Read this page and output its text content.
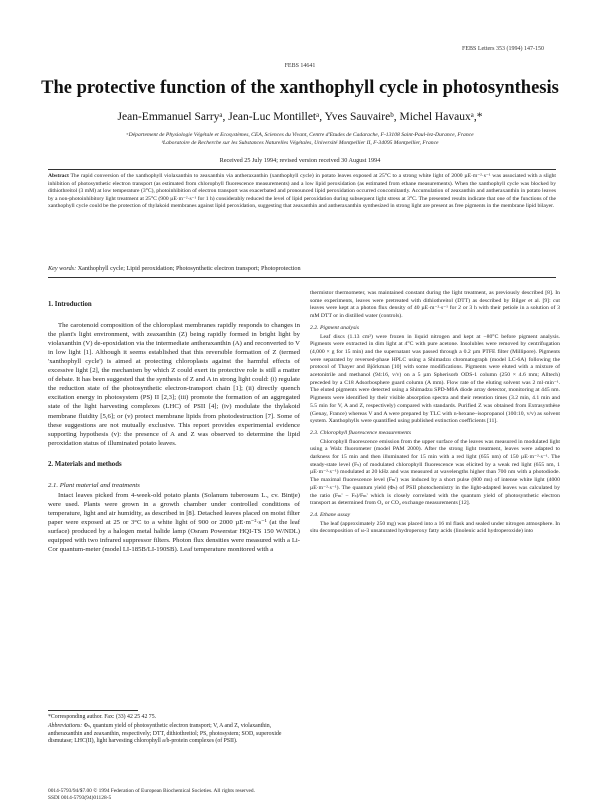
FEBS Letters 353 (1994) 147-150
FEBS 14641
The protective function of the xanthophyll cycle in photosynthesis
Jean-Emmanuel Sarryᵃ, Jean-Luc Montilletᵃ, Yves Sauvaireᵇ, Michel Havauxᵃ,*
ᵃDépartement de Physiologie Végétale et Ecosystèmes, CEA, Sciences du Vivant, Centre d'Etudes de Cadarache, F-13108 Saint-Paul-lez-Durance, France
ᵇLaboratoire de Recherche sur les Substances Naturelles Végétales, Université Montpellier II, F-34095 Montpellier, France
Received 25 July 1994; revised version received 30 August 1994
Abstract The rapid conversion of the xanthophyll violaxanthin to zeaxanthin via antheraxanthin (xanthophyll cycle) in potato leaves exposed at 25°C to a strong white light of 2000 µE·m⁻²·s⁻¹ was associated with a slight inhibition of photosynthetic electron transport (as estimated from chlorophyll fluorescence measurements) and a low lipid peroxidation (as estimated from ethane measurements). When the xanthophyll cycle was blocked by dithiothreitol (3 mM) at low temperature (3°C), photoinhibition of electron transport was exacerbated and pronounced lipid peroxidation occurred concomitantly. Accumulation of zeaxanthin and antheraxanthin in potato leaves by a non-photoinhibitory light treatment at 25°C (900 µE·m⁻²·s⁻¹ for 1 h) considerably reduced the level of lipid peroxidation during subsequent light stress at 3°C. The presented results indicate that one of the functions of the xanthophyll cycle could be the protection of thylakoid membranes against lipid peroxidation, suggesting that zeaxanthin and antheraxanthin synthesized in strong light are present as free pigments in the membrane lipid bilayer.
Key words: Xanthophyll cycle; Lipid peroxidation; Photosynthetic electron transport; Photoprotection
1. Introduction

The carotenoid composition of the chloroplast membranes rapidly responds to changes in the plant's light environment, with zeaxanthin (Z) being rapidly formed in bright light by violaxanthin (V) de-epoxidation via the intermediate antheraxanthin (A) and reconverted to V in low light [1]. Although it seems established that this reversible formation of Z (termed 'xanthophyll cycle') is aimed at protecting chloroplasts against the harmful effects of excessive light [2], the mechanism by which Z could exert its protective role is still a matter of debate. It has been suggested that the synthesis of Z and A in strong light could: (i) regulate the reduction state of the photosynthetic electron-transport chain [1]; (ii) directly quench excitation energy in photosystem (PS) II [2,3]; (iii) promote the formation of an aggregated state of the light harvesting complexes (LHC) of PSII [4]; (iv) modulate the thylakoid membrane fluidity [5,6]; or (v) protect membrane lipids from photodestruction [7]. Some of these suggestions are not mutually exclusive. This report provides experimental evidence supporting hypothesis (v): the presence of A and Z was observed to determine the lipid peroxidation status of illuminated potato leaves.

2. Materials and methods
2.1. Plant material and treatments

Intact leaves picked from 4-week-old potato plants (Solanum tuberosum L., cv. Bintje) were used. Plants were grown in a growth chamber under controlled conditions of temperature, light and air humidity, as described in [8]. Detached leaves placed on moist filter paper were exposed at 25 or 3°C to a white light of 900 or 2000 µE·m⁻²·s⁻¹ (at the leaf surface) produced by a halogen metal halide lamp (Osram Powerstar HQI-TS 150 W/NDL) equipped with two infrared suppressor filters. Photon flux densities were measured with a Li-Cor quantum-meter (model LI-185B/LI-190SB). Leaf temperature monitored with a

thermistor thermometer, was maintained constant during the light treatment, as previously described [8]. In some experiments, leaves were pretreated with dithiothreitol (DTT) as described by Bilger et al. [9]: cut leaves were kept at a photon flux density of 40 µE·m⁻²·s⁻¹ for 2 or 3 h with their petiole in a solution of 3 mM DTT or in distilled water (controls).

2.2. Pigment analysis

Leaf discs (1.13 cm²) were frozen in liquid nitrogen and kept at −80°C before pigment analysis. Pigments were extracted in dim light at 4°C with pure acetone. Insolubles were removed by centrifugation (4,000 × g for 15 min) and the supernatant was passed through a 0.2 µm PTFE filter (Millipore). Pigments were separated by reversed-phase HPLC using a Shimadzu chromatograph (model LC-6A) following the protocol of Thayer and Björkman [10] with some modifications. Pigments were eluted with a mixture of acetonitrile and methanol (94:16, v/v) on a 5 µm Spherisorb ODS-1 column (250 × 4.6 mm; Alltech) preceded by a C18 Adsorbosphere guard column (A mm). Flow rate of the eluting solvent was 2 ml·min⁻¹. The eluted pigments were detected using a Shimadzu SPD-M6A diode array detector, monitoring at 445 nm. Pigments were identified by their visible absorption spectra and their retention times (3.2 min, 4.1 min and 5.5 min for V, A and Z, respectively) compared with standards. Purified Z was obtained from Extrasynthèse (Genay, France) whereas V and A were prepared by TLC with n-hexane–isopropanol (100:10, v/v) as solvent system. Xanthophylls were quantified using published extinction coefficients [11].

2.3. Chlorophyll fluorescence measurements

Chlorophyll fluorescence emission from the upper surface of the leaves was measured in modulated light using a Walz fluorometer (model PAM 2000). After the strong light treatment, leaves were adapted to darkness for 15 min and then illuminated for 15 min with a red light (655 nm) of 150 µE·m⁻²·s⁻¹. The steady-state level (Fₛ) of modulated chlorophyll fluorescence was elicited by a weak red light (655 nm, 1 µE·m⁻²·s⁻¹) modulated at 20 kHz and was measured at wavelengths higher than 700 nm with a photodiode. The maximal fluorescence level (Fₘ') was induced by a short pulse (800 ms) of intense white light (4000 µE·m⁻²·s⁻¹). The quantum yield (Φₛ) of PSII photochemistry in the light-adapted leaves was calculated by the ratio (Fₘ' − Fₛ)/Fₘ' which is closely correlated with the quantum yield of photosynthetic electron transport as determined from O₂ or CO₂ exchange measurements [12].

2.4. Ethane assay

The leaf (approximately 250 mg) was placed into a 16 ml flask and sealed under nitrogen atmosphere. In situ decomposition of ω-3 unsaturated hydroperoxy fatty acids (linolenic acid hydroperoxide) into

*Corresponding author. Fax: (33) 42 25 42 75.
Abbreviations: Φₛ, quantum yield of photosynthetic electron transport; V, A and Z, violaxanthin, antheraxanthin and zeaxanthin, respectively; DTT, dithiothreitol; PS, photosystem; SOD, superoxide dismutase; LHC(II), light harvesting chlorophyll a/b-protein complexes (of PSII).
0014-5793/94/$7.00 © 1994 Federation of European Biochemical Societies. All rights reserved.
SSDI 0014-5793(94)01128-5
